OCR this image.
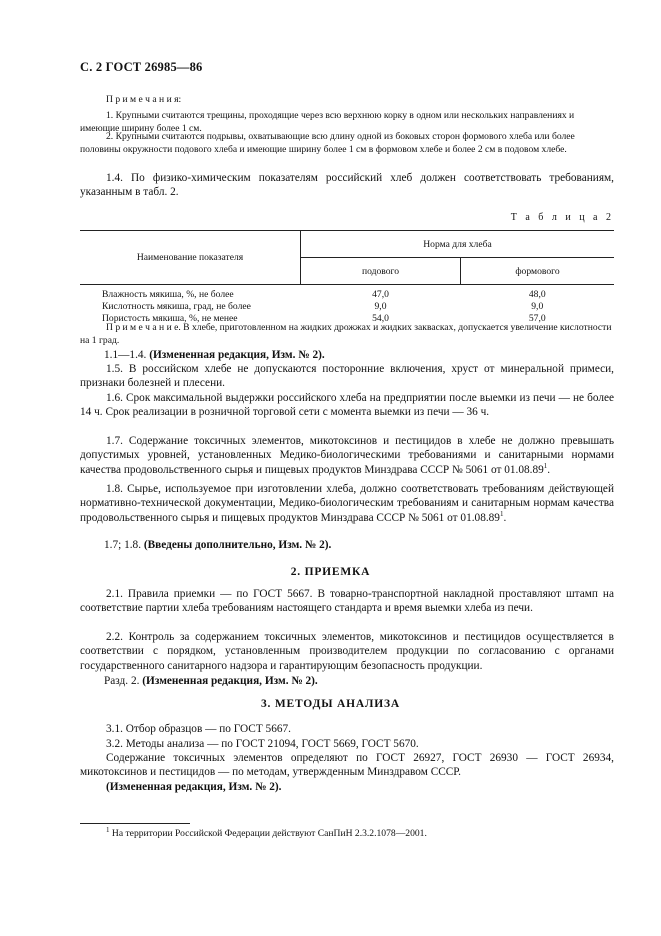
С. 2 ГОСТ 26985—86
П р и м е ч а н и я:
1. Крупными считаются трещины, проходящие через всю верхнюю корку в одном или нескольких направлениях и имеющие ширину более 1 см.
2. Крупными считаются подрывы, охватывающие всю длину одной из боковых сторон формового хлеба или более половины окружности подового хлеба и имеющие ширину более 1 см в формовом хлебе и более 2 см в подовом хлебе.
1.4. По физико-химическим показателям российский хлеб должен соответствовать требованиям, указанным в табл. 2.
Т а б л и ц а 2
Наименование показателя	Норма для хлеба	
	подового	формового
Влажность мякиша, %, не более	47,0	48,0
Кислотность мякиша, град, не более	9,0	9,0
Пористость мякиша, %, не менее	54,0	57,0
П р и м е ч а н и е. В хлебе, приготовленном на жидких дрожжах и жидких заквасках, допускается увеличение кислотности на 1 град.
1.1—1.4. (Измененная редакция, Изм. № 2).
1.5. В российском хлебе не допускаются посторонние включения, хруст от минеральной примеси, признаки болезней и плесени.
1.6. Срок максимальной выдержки российского хлеба на предприятии после выемки из печи — не более 14 ч. Срок реализации в розничной торговой сети с момента выемки из печи — 36 ч.
1.7. Содержание токсичных элементов, микотоксинов и пестицидов в хлебе не должно превышать допустимых уровней, установленных Медико-биологическими требованиями и санитарными нормами качества продовольственного сырья и пищевых продуктов Минздрава СССР № 5061 от 01.08.89$^1$.
1.8. Сырье, используемое при изготовлении хлеба, должно соответствовать требованиям действующей нормативно-технической документации, Медико-биологическим требованиям и санитарным нормам качества продовольственного сырья и пищевых продуктов Минздрава СССР № 5061 от 01.08.89$^1$.
1.7; 1.8. (Введены дополнительно, Изм. № 2).
2. ПРИЕМКА
2.1. Правила приемки — по ГОСТ 5667. В товарно-транспортной накладной проставляют штамп на соответствие партии хлеба требованиям настоящего стандарта и время выемки хлеба из печи.
2.2. Контроль за содержанием токсичных элементов, микотоксинов и пестицидов осуществляется в соответствии с порядком, установленным производителем продукции по согласованию с органами государственного санитарного надзора и гарантирующим безопасность продукции.
Разд. 2. (Измененная редакция, Изм. № 2).
3. МЕТОДЫ АНАЛИЗА
3.1. Отбор образцов — по ГОСТ 5667.
3.2. Методы анализа — по ГОСТ 21094, ГОСТ 5669, ГОСТ 5670.
Содержание токсичных элементов определяют по ГОСТ 26927, ГОСТ 26930 — ГОСТ 26934, микотоксинов и пестицидов — по методам, утвержденным Минздравом СССР.
(Измененная редакция, Изм. № 2).
$^1$ На территории Российской Федерации действуют СанПиН 2.3.2.1078—2001.
